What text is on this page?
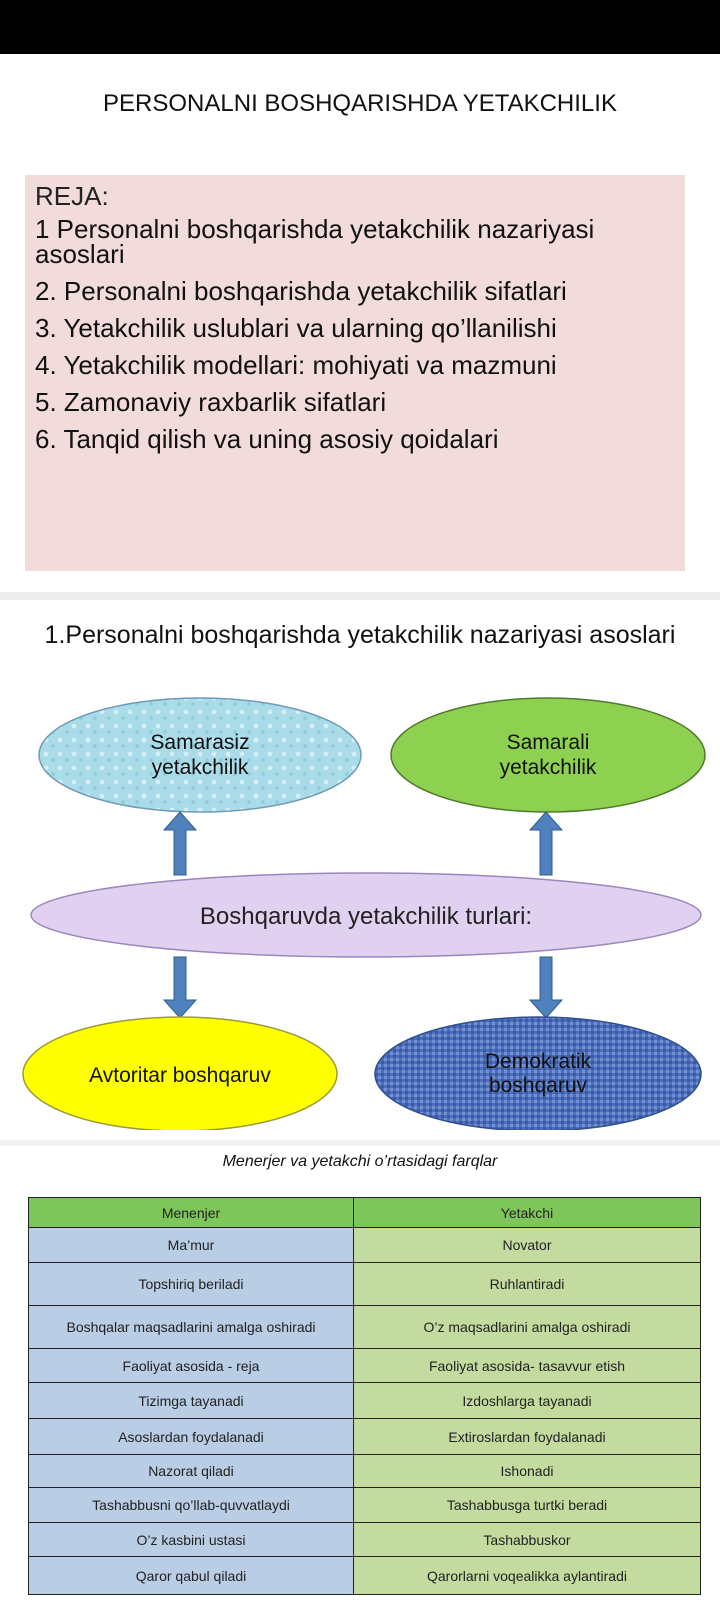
PERSONALNI BOSHQARISHDA YETAKCHILIK
REJA:
1 Personalni boshqarishda yetakchilik nazariyasi asoslari
2. Personalni boshqarishda yetakchilik sifatlari
3. Yetakchilik uslublari va ularning qo’llanilishi
4. Yetakchilik modellari: mohiyati va mazmuni
5. Zamonaviy raxbarlik sifatlari
6. Tanqid qilish va uning asosiy qoidalari
1.Personalni boshqarishda yetakchilik nazariyasi asoslari
Samarasiz
yetakchilik
Samarali
yetakchilik
Boshqaruvda yetakchilik turlari:
Avtoritar boshqaruv
Demokratik
boshqaruv
Menerjer va yetakchi o’rtasidagi farqlar
Menenjer	Yetakchi
Ma’mur	Novator
Topshiriq beriladi	Ruhlantiradi
Boshqalar maqsadlarini amalga oshiradi	O’z maqsadlarini amalga oshiradi
Faoliyat asosida - reja	Faoliyat asosida- tasavvur etish
Tizimga tayanadi	Izdoshlarga tayanadi
Asoslardan foydalanadi	Extiroslardan foydalanadi
Nazorat qiladi	Ishonadi
Tashabbusni qo’llab-quvvatlaydi	Tashabbusga turtki beradi
O’z kasbini ustasi	Tashabbuskor
Qaror qabul qiladi	Qarorlarni voqealikka aylantiradi
